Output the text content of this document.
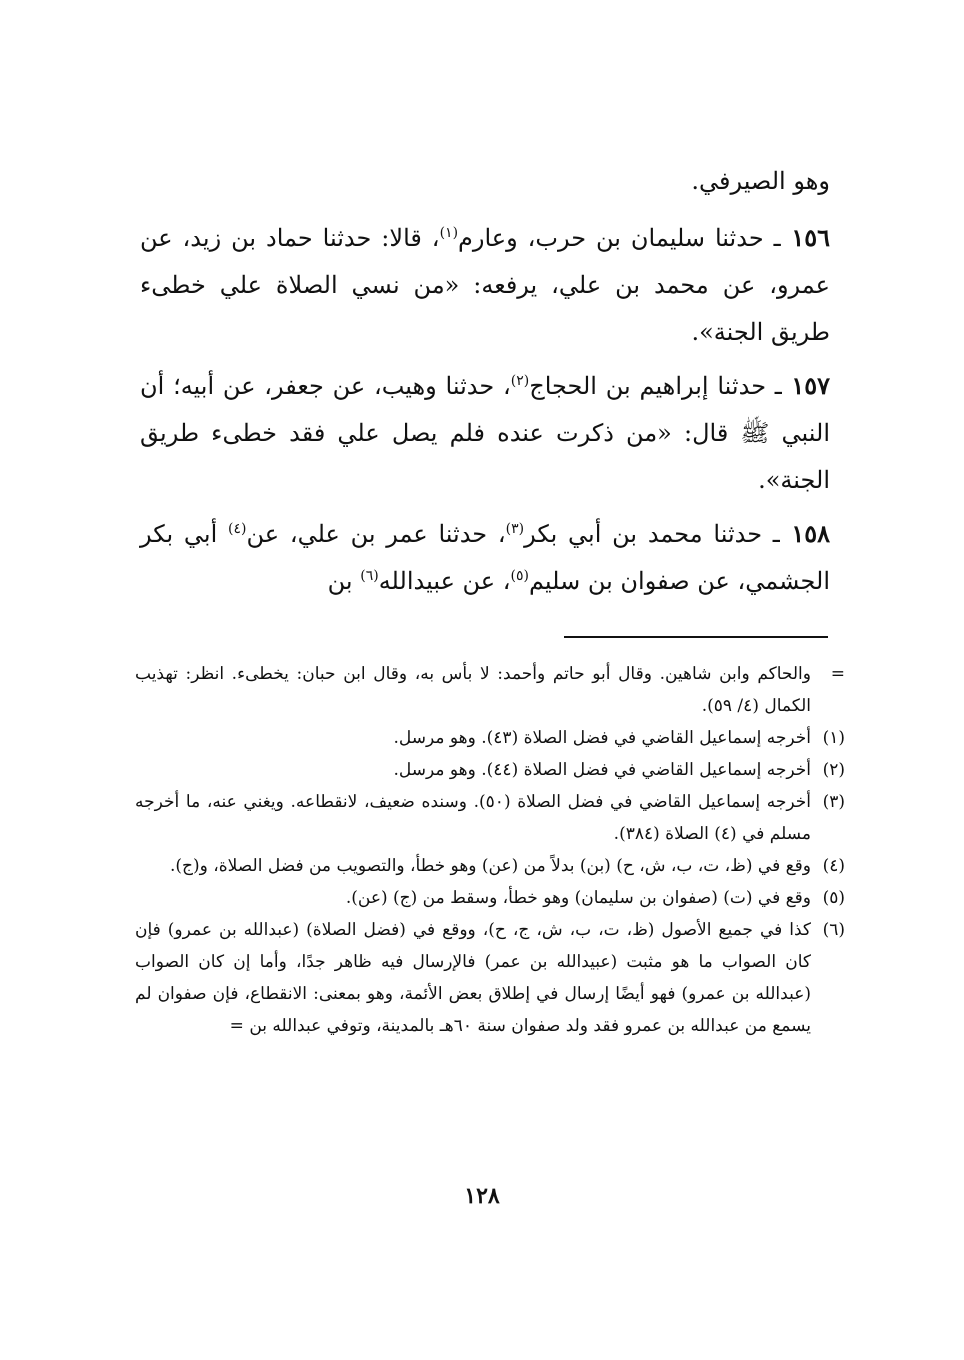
وهو الصيرفي.
١٥٦ ـ حدثنا سليمان بن حرب، وعارم$^{(١)}$، قالا: حدثنا حماد بن زيد، عن عمرو، عن محمد بن علي، يرفعه: «من نسي الصلاة علي خطىء طريق الجنة».
١٥٧ ـ حدثنا إبراهيم بن الحجاج$^{(٢)}$، حدثنا وهيب، عن جعفر، عن أبيه؛ أن النبي ﷺ قال: «من ذكرت عنده فلم يصل علي فقد خطىء طريق الجنة».
١٥٨ ـ حدثنا محمد بن أبي بكر$^{(٣)}$، حدثنا عمر بن علي، عن$^{(٤)}$ أبي بكر الجشمي، عن صفوان بن سليم$^{(٥)}$، عن عبيدالله$^{(٦)}$ بن
=
والحاكم وابن شاهين. وقال أبو حاتم وأحمد: لا بأس به، وقال ابن حبان: يخطىء. انظر: تهذيب الكمال (٤/ ٥٩).
(١)
أخرجه إسماعيل القاضي في فضل الصلاة (٤٣). وهو مرسل.
(٢)
أخرجه إسماعيل القاضي في فضل الصلاة (٤٤). وهو مرسل.
(٣)
أخرجه إسماعيل القاضي في فضل الصلاة (٥٠). وسنده ضعيف، لانقطاعه. ويغني عنه، ما أخرجه مسلم في (٤) الصلاة (٣٨٤).
(٤)
وقع في (ظ، ت، ب، ش، ح) (بن) بدلاً من (عن) وهو خطأ، والتصويب من فضل الصلاة، و(ج).
(٥)
وقع في (ت) (صفوان بن سليمان) وهو خطأ، وسقط من (ج) (عن).
(٦)
كذا في جميع الأصول (ظ، ت، ب، ش، ج، ح)، ووقع في (فضل الصلاة) (عبدالله بن عمرو) فإن كان الصواب ما هو مثبت (عبيدالله بن عمر) فالإرسال فيه ظاهر جدًا، وأما إن كان الصواب (عبدالله بن عمرو) فهو أيضًا إرسال في إطلاق بعض الأئمة، وهو بمعنى: الانقطاع، فإن صفوان لم يسمع من عبدالله بن عمرو فقد ولد صفوان سنة ٦٠هـ بالمدينة، وتوفي عبدالله بن =
١٢٨
